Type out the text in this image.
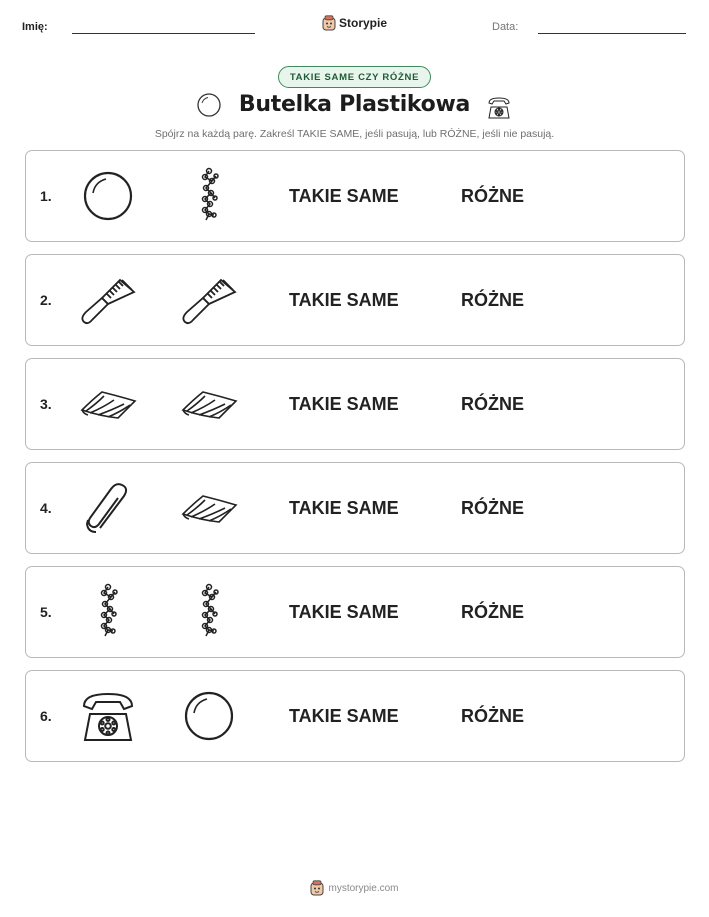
Imię:	Storypie	Data:
TAKIE SAME CZY RÓŻNE
Butelka Plastikowa
Spójrz na każdą parę. Zakreśl TAKIE SAME, jeśli pasują, lub RÓŻNE, jeśli nie pasują.
1.	TAKIE SAME	RÓŻNE
2.	TAKIE SAME	RÓŻNE
3.	TAKIE SAME	RÓŻNE
4.	TAKIE SAME	RÓŻNE
5.	TAKIE SAME	RÓŻNE
6.	TAKIE SAME	RÓŻNE
mystorypie.com
